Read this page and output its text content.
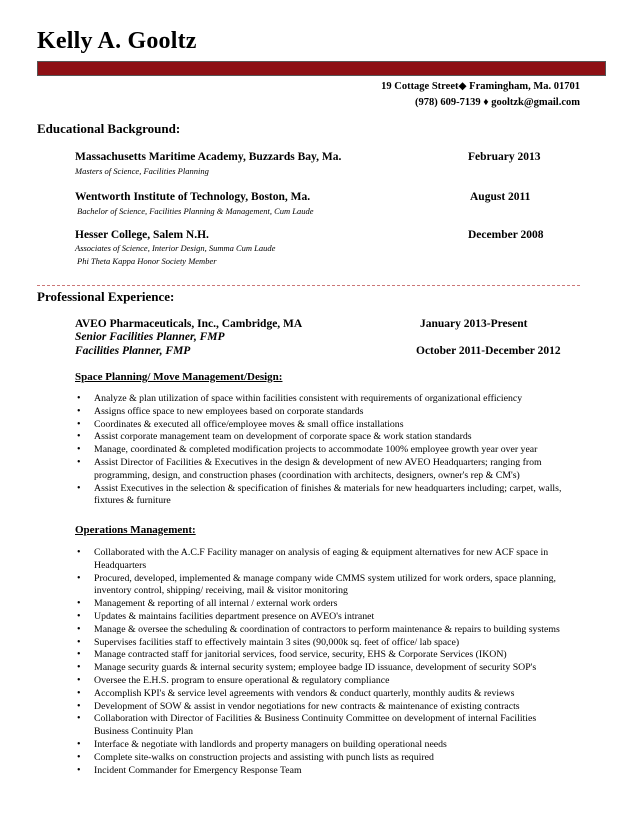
Kelly A. Gooltz
19 Cottage Street◆ Framingham, Ma. 01701
(978) 609-7139 ♦ gooltzk@gmail.com
Educational Background:
Massachusetts Maritime Academy, Buzzards Bay, Ma.	February 2013
Masters of Science, Facilities Planning
Wentworth Institute of Technology, Boston, Ma.	August 2011
Bachelor of Science, Facilities Planning & Management, Cum Laude
Hesser College, Salem N.H.	December 2008
Associates of Science, Interior Design, Summa Cum Laude
Phi Theta Kappa Honor Society Member
Professional Experience:
AVEO Pharmaceuticals, Inc., Cambridge, MA	January 2013-Present
Senior Facilities Planner, FMP
Facilities Planner, FMP	October 2011-December 2012
Space Planning/ Move Management/Design:
• Analyze & plan utilization of space within facilities consistent with requirements of organizational efficiency
• Assigns office space to new employees based on corporate standards
• Coordinates & executed all office/employee moves & small office installations
• Assist corporate management team on development of corporate space & work station standards
• Manage, coordinated & completed modification projects to accommodate 100% employee growth year over year
• Assist Director of Facilities & Executives in the design & development of new AVEO Headquarters; ranging from programming, design, and construction phases (coordination with architects, designers, owner's rep & CM's)
• Assist Executives in the selection & specification of finishes & materials for new headquarters including; carpet, walls, fixtures & furniture
Operations Management:
• Collaborated with the A.C.F Facility manager on analysis of eaging & equipment alternatives for new ACF space in Headquarters
• Procured, developed, implemented & manage company wide CMMS system utilized for work orders, space planning, inventory control, shipping/ receiving, mail & visitor monitoring
• Management & reporting of all internal / external work orders
• Updates & maintains facilities department presence on AVEO's intranet
• Manage & oversee the scheduling & coordination of contractors to perform maintenance & repairs to building systems
• Supervises facilities staff to effectively maintain 3 sites (90,000k sq. feet of office/ lab space)
• Manage contracted staff for janitorial services, food service, security, EHS & Corporate Services (IKON)
• Manage security guards & internal security system; employee badge ID issuance, development of security SOP's
• Oversee the E.H.S. program to ensure operational & regulatory compliance
• Accomplish KPI's & service level agreements with vendors & conduct quarterly, monthly audits & reviews
• Development of SOW & assist in vendor negotiations for new contracts & maintenance of existing contracts
• Collaboration with Director of Facilities & Business Continuity Committee on development of internal Facilities Business Continuity Plan
• Interface & negotiate with landlords and property managers on building operational needs
• Complete site-walks on construction projects and assisting with punch lists as required
• Incident Commander for Emergency Response Team
